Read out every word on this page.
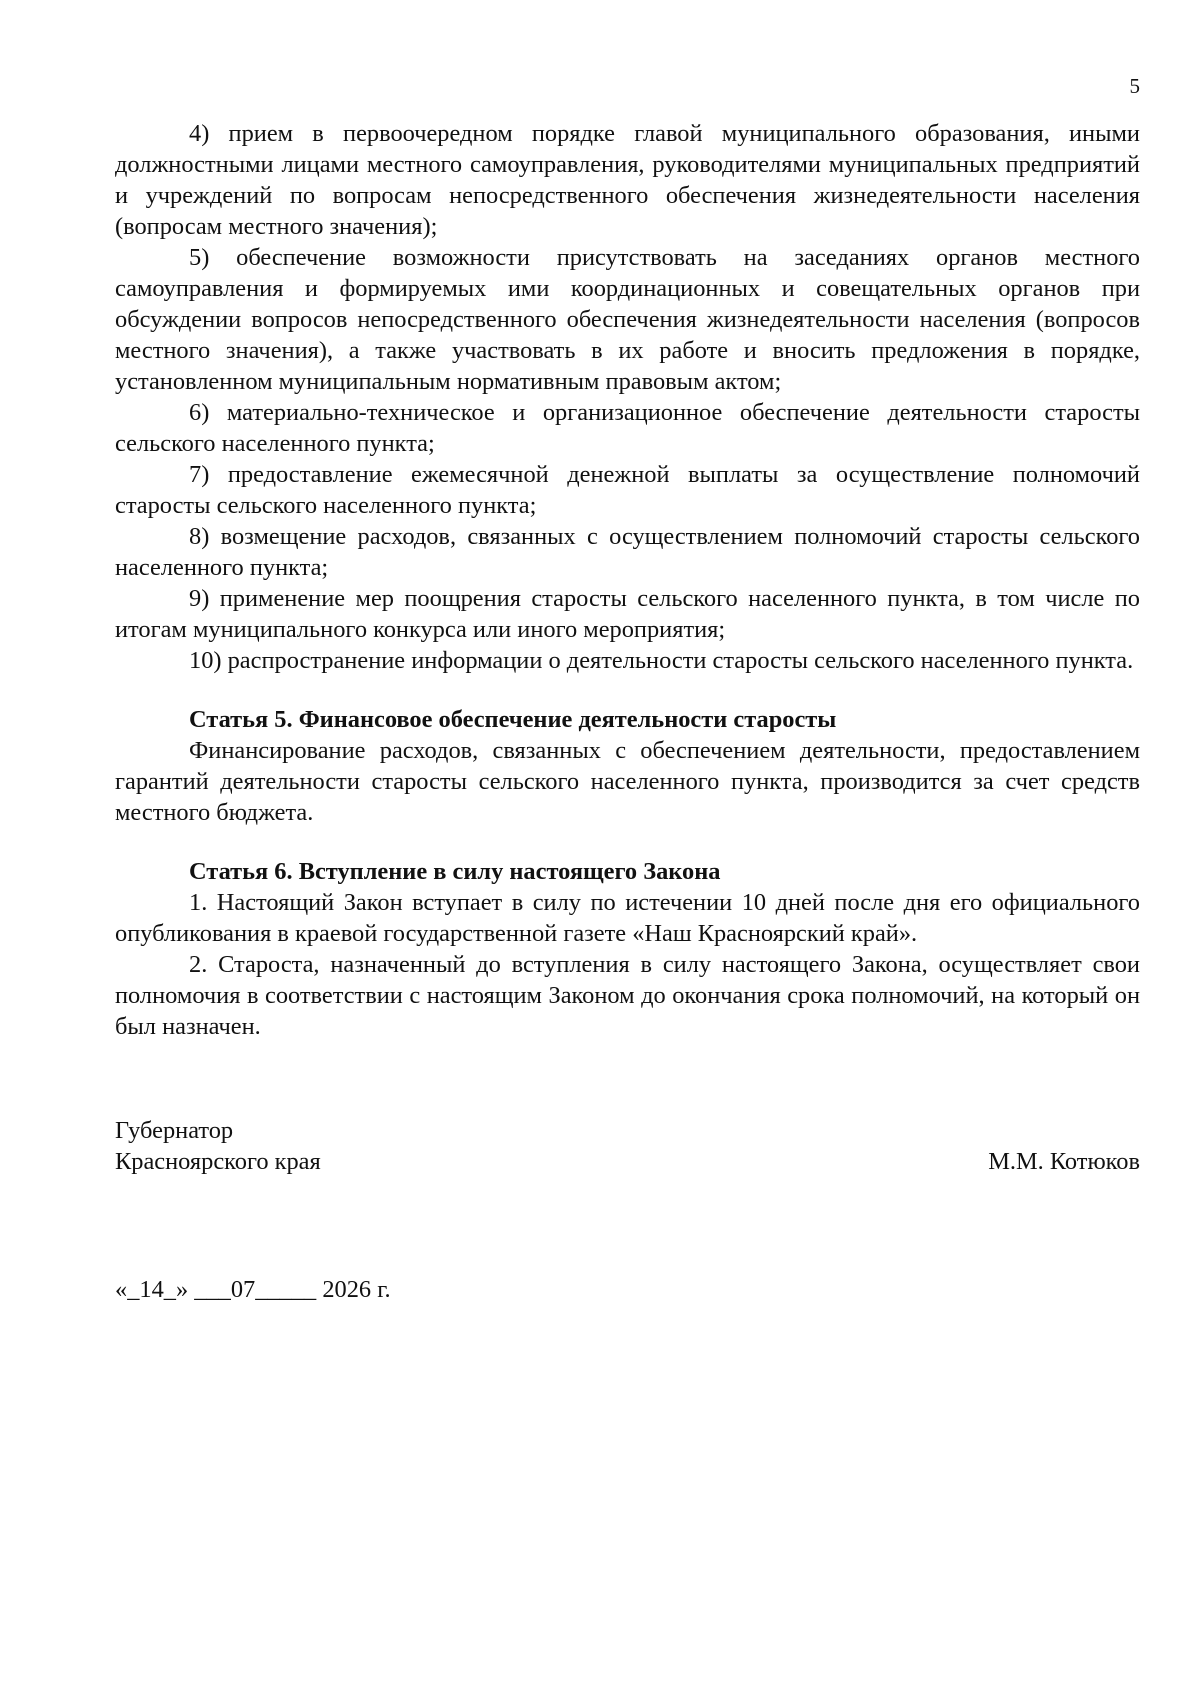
5

4) прием в первоочередном порядке главой муниципального образования, иными должностными лицами местного самоуправления, руководителями муниципальных предприятий и учреждений по вопросам непосредственного обеспечения жизнедеятельности населения (вопросам местного значения);

5) обеспечение возможности присутствовать на заседаниях органов местного самоуправления и формируемых ими координационных и совещательных органов при обсуждении вопросов непосредственного обеспечения жизнедеятельности населения (вопросов местного значения), а также участвовать в их работе и вносить предложения в порядке, установленном муниципальным нормативным правовым актом;

6) материально-техническое и организационное обеспечение деятельности старосты сельского населенного пункта;

7) предоставление ежемесячной денежной выплаты за осуществление полномочий старосты сельского населенного пункта;

8) возмещение расходов, связанных с осуществлением полномочий старосты сельского населенного пункта;

9) применение мер поощрения старосты сельского населенного пункта, в том числе по итогам муниципального конкурса или иного мероприятия;

10) распространение информации о деятельности старосты сельского населенного пункта.

Статья 5. Финансовое обеспечение деятельности старосты

Финансирование расходов, связанных с обеспечением деятельности, предоставлением гарантий деятельности старосты сельского населенного пункта, производится за счет средств местного бюджета.

Статья 6. Вступление в силу настоящего Закона

1. Настоящий Закон вступает в силу по истечении 10 дней после дня его официального опубликования в краевой государственной газете «Наш Красноярский край».

2. Староста, назначенный до вступления в силу настоящего Закона, осуществляет свои полномочия в соответствии с настоящим Законом до окончания срока полномочий, на который он был назначен.

Губернатор
Красноярского края	М.М. Котюков
«_14_» ___07_____ 2026 г.
